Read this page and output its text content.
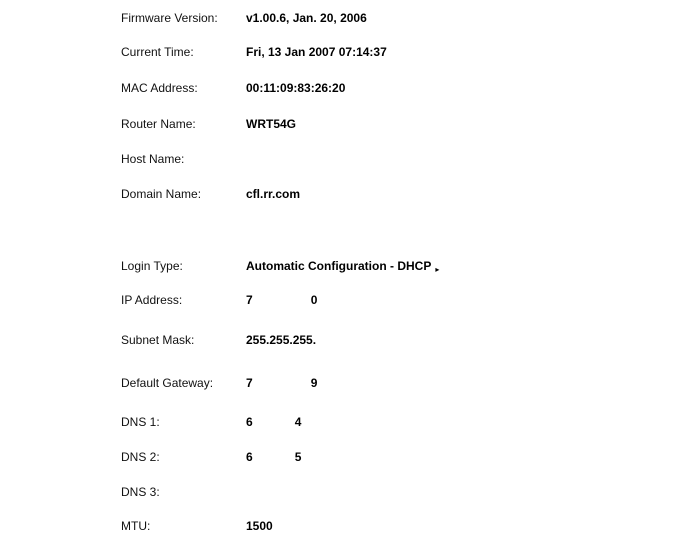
Firmware Version: v1.00.6, Jan. 20, 2006
Current Time:	Fri, 13 Jan 2007 07:14:37
MAC Address:	00:11:09:83:26:20
Router Name:	WRT54G
Host Name:
Domain Name:	cfl.rr.com
Login Type:	Automatic Configuration - DHCP ▸
IP Address:	7	0
Subnet Mask:	255.255.255.
Default Gateway:	7	9
DNS 1:	6	4
DNS 2:	6	5
DNS 3:
MTU:	1500
